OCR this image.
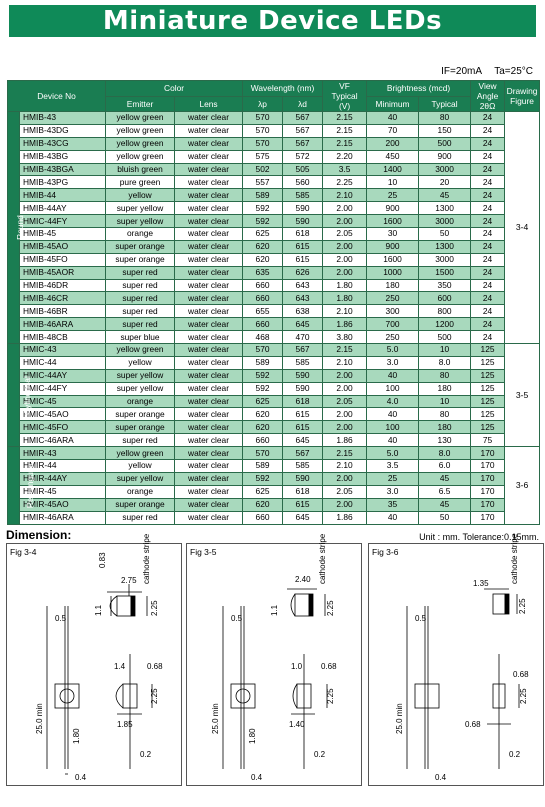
Miniature Device LEDs
IF=20mA Ta=25°C
Device No		Color		Wavelength (nm)		VF
Typical
(V)	Brightness (mcd)		View
Angle
2θΩ	Drawing
Figure
		Emitter	Lens	λp	λd		Minimum	Typical		
Round	HMIB-43	yellow green	water clear	570	567	2.15	40	80	24	3-4
	HMIB-43DG	yellow green	water clear	570	567	2.15	70	150	24	
	HMIB-43CG	yellow green	water clear	570	567	2.15	200	500	24	
	HMIB-43BG	yellow green	water clear	575	572	2.20	450	900	24	
	HMIB-43BGA	bluish green	water clear	502	505	3.5	1400	3000	24	
	HMIB-43PG	pure green	water clear	557	560	2.25	10	20	24	
	HMIB-44	yellow	water clear	589	585	2.10	25	45	24	
	HMIB-44AY	super yellow	water clear	592	590	2.00	900	1300	24	
	HMIC-44FY	super yellow	water clear	592	590	2.00	1600	3000	24	
	HMIB-45	orange	water clear	625	618	2.05	30	50	24	
	HMIB-45AO	super orange	water clear	620	615	2.00	900	1300	24	
	HMIB-45FO	super orange	water clear	620	615	2.00	1600	3000	24	
	HMIB-45AOR	super red	water clear	635	626	2.00	1000	1500	24	
	HMIB-46DR	super red	water clear	660	643	1.80	180	350	24	
	HMIB-46CR	super red	water clear	660	643	1.80	250	600	24	
	HMIB-46BR	super red	water clear	655	638	2.10	300	800	24	
	HMIB-46ARA	super red	water clear	660	645	1.86	700	1200	24	
	HMIB-48CB	super blue	water clear	468	470	3.80	250	500	24	
Cylindrical	HMIC-43	yellow green	water clear	570	567	2.15	5.0	10	125	3-5
	HMIC-44	yellow	water clear	589	585	2.10	3.0	8.0	125	
	HMIC-44AY	super yellow	water clear	592	590	2.00	40	80	125	
	HMIC-44FY	super yellow	water clear	592	590	2.00	100	180	125	
	HMIC-45	orange	water clear	625	618	2.05	4.0	10	125	
	HMIC-45AO	super orange	water clear	620	615	2.00	40	80	125	
	HMIC-45FO	super orange	water clear	620	615	2.00	100	180	125	
	HMIC-46ARA	super red	water clear	660	645	1.86	40	130	75	
Rectangular	HMIR-43	yellow green	water clear	570	567	2.15	5.0	8.0	170	3-6
	HMIR-44	yellow	water clear	589	585	2.10	3.5	6.0	170	
	HMIR-44AY	super yellow	water clear	592	590	2.00	25	45	170	
	HMIR-45	orange	water clear	625	618	2.05	3.0	6.5	170	
	HMIR-45AO	super orange	water clear	620	615	2.00	35	45	170	
	HMIR-46ARA	super red	water clear	660	645	1.86	40	50	170	
Dimension:	Unit : mm. Tolerance:0.15mm.
Fig 3-4
0.83
2.75
1.1	2.25
cathode stripe
0.5
1.4	0.68
2.25
1.80
1.85
25.0 min
0.2
0.4
Fig 3-5
2.40
1.1	2.25
cathode stripe
0.5
1.0 0.68
2.25
1.80
1.40
25.0 min
0.2
0.4
Fig 3-6
1.35
2.25
cathode stripe
0.5
0.68
2.25
0.68
25.0 min
0.2
0.4
